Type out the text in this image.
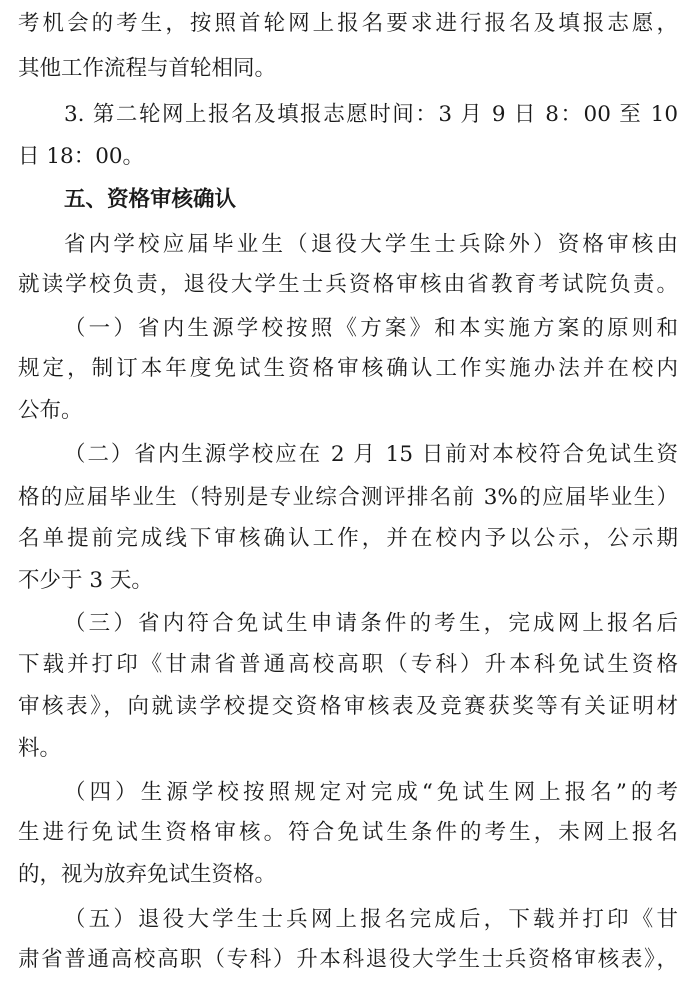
考机会的考生，按照首轮网上报名要求进行报名及填报志愿，
其他工作流程与首轮相同。
3. 第二轮网上报名及填报志愿时间：3 月 9 日 8：00 至 10
日 18：00。
五、资格审核确认
省内学校应届毕业生（退役大学生士兵除外）资格审核由
就读学校负责，退役大学生士兵资格审核由省教育考试院负责。
（一）省内生源学校按照《方案》和本实施方案的原则和
规定，制订本年度免试生资格审核确认工作实施办法并在校内
公布。
（二）省内生源学校应在 2 月 15 日前对本校符合免试生资
格的应届毕业生（特别是专业综合测评排名前 3%的应届毕业生）
名单提前完成线下审核确认工作，并在校内予以公示，公示期
不少于 3 天。
（三）省内符合免试生申请条件的考生，完成网上报名后
下载并打印《甘肃省普通高校高职（专科）升本科免试生资格
审核表》，向就读学校提交资格审核表及竞赛获奖等有关证明材
料。
（四）生源学校按照规定对完成“免试生网上报名”的考
生进行免试生资格审核。符合免试生条件的考生，未网上报名
的，视为放弃免试生资格。
（五）退役大学生士兵网上报名完成后，下载并打印《甘
肃省普通高校高职（专科）升本科退役大学生士兵资格审核表》，
